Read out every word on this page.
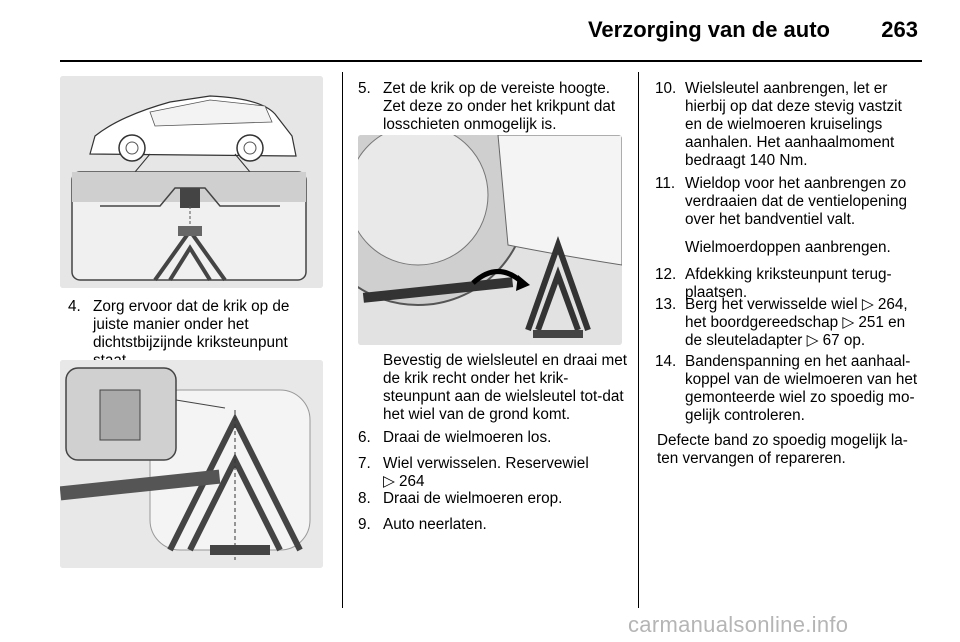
Verzorging van de auto 263
4. Zorg ervoor dat de krik op de juiste manier onder het dichtstbijzijnde kriksteunpunt
5. Zet de krik op de vereiste hoogte. Zet deze zo onder het krikpunt dat losschieten onmogelijk is.
Bevestig de wielsleutel en draai met de krik recht onder het krik-steunpunt aan de wielsleutel tot-dat het wiel van de grond komt.
6. Draai de wielmoeren los.
7. Wiel verwisselen. Reservewiel
▷ 264
8. Draai de wielmoeren erop.
9. Auto neerlaten.
10. Wielsleutel aanbrengen, let er hierbij op dat deze stevig vastzit en de wielmoeren kruiselings aanhalen. Het aanhaalmoment bedraagt 140 Nm.
11. Wieldop voor het aanbrengen zo verdraaien dat de ventielopening over het bandventiel valt.
Wielmoerdoppen aanbrengen.
12. Afdekking kriksteunpunt terug-plaatsen.
13. Berg het verwisselde wiel ▷ 264, het boordgereedschap ▷ 251 en de sleuteladapter ▷ 67 op.
14. Bandenspanning en het aanhaal-koppel van de wielmoeren van het gemonteerde wiel zo spoedig mo-gelijk controleren.
Defecte band zo spoedig mogelijk la-ten vervangen of repareren.
carmanualsonline.info
